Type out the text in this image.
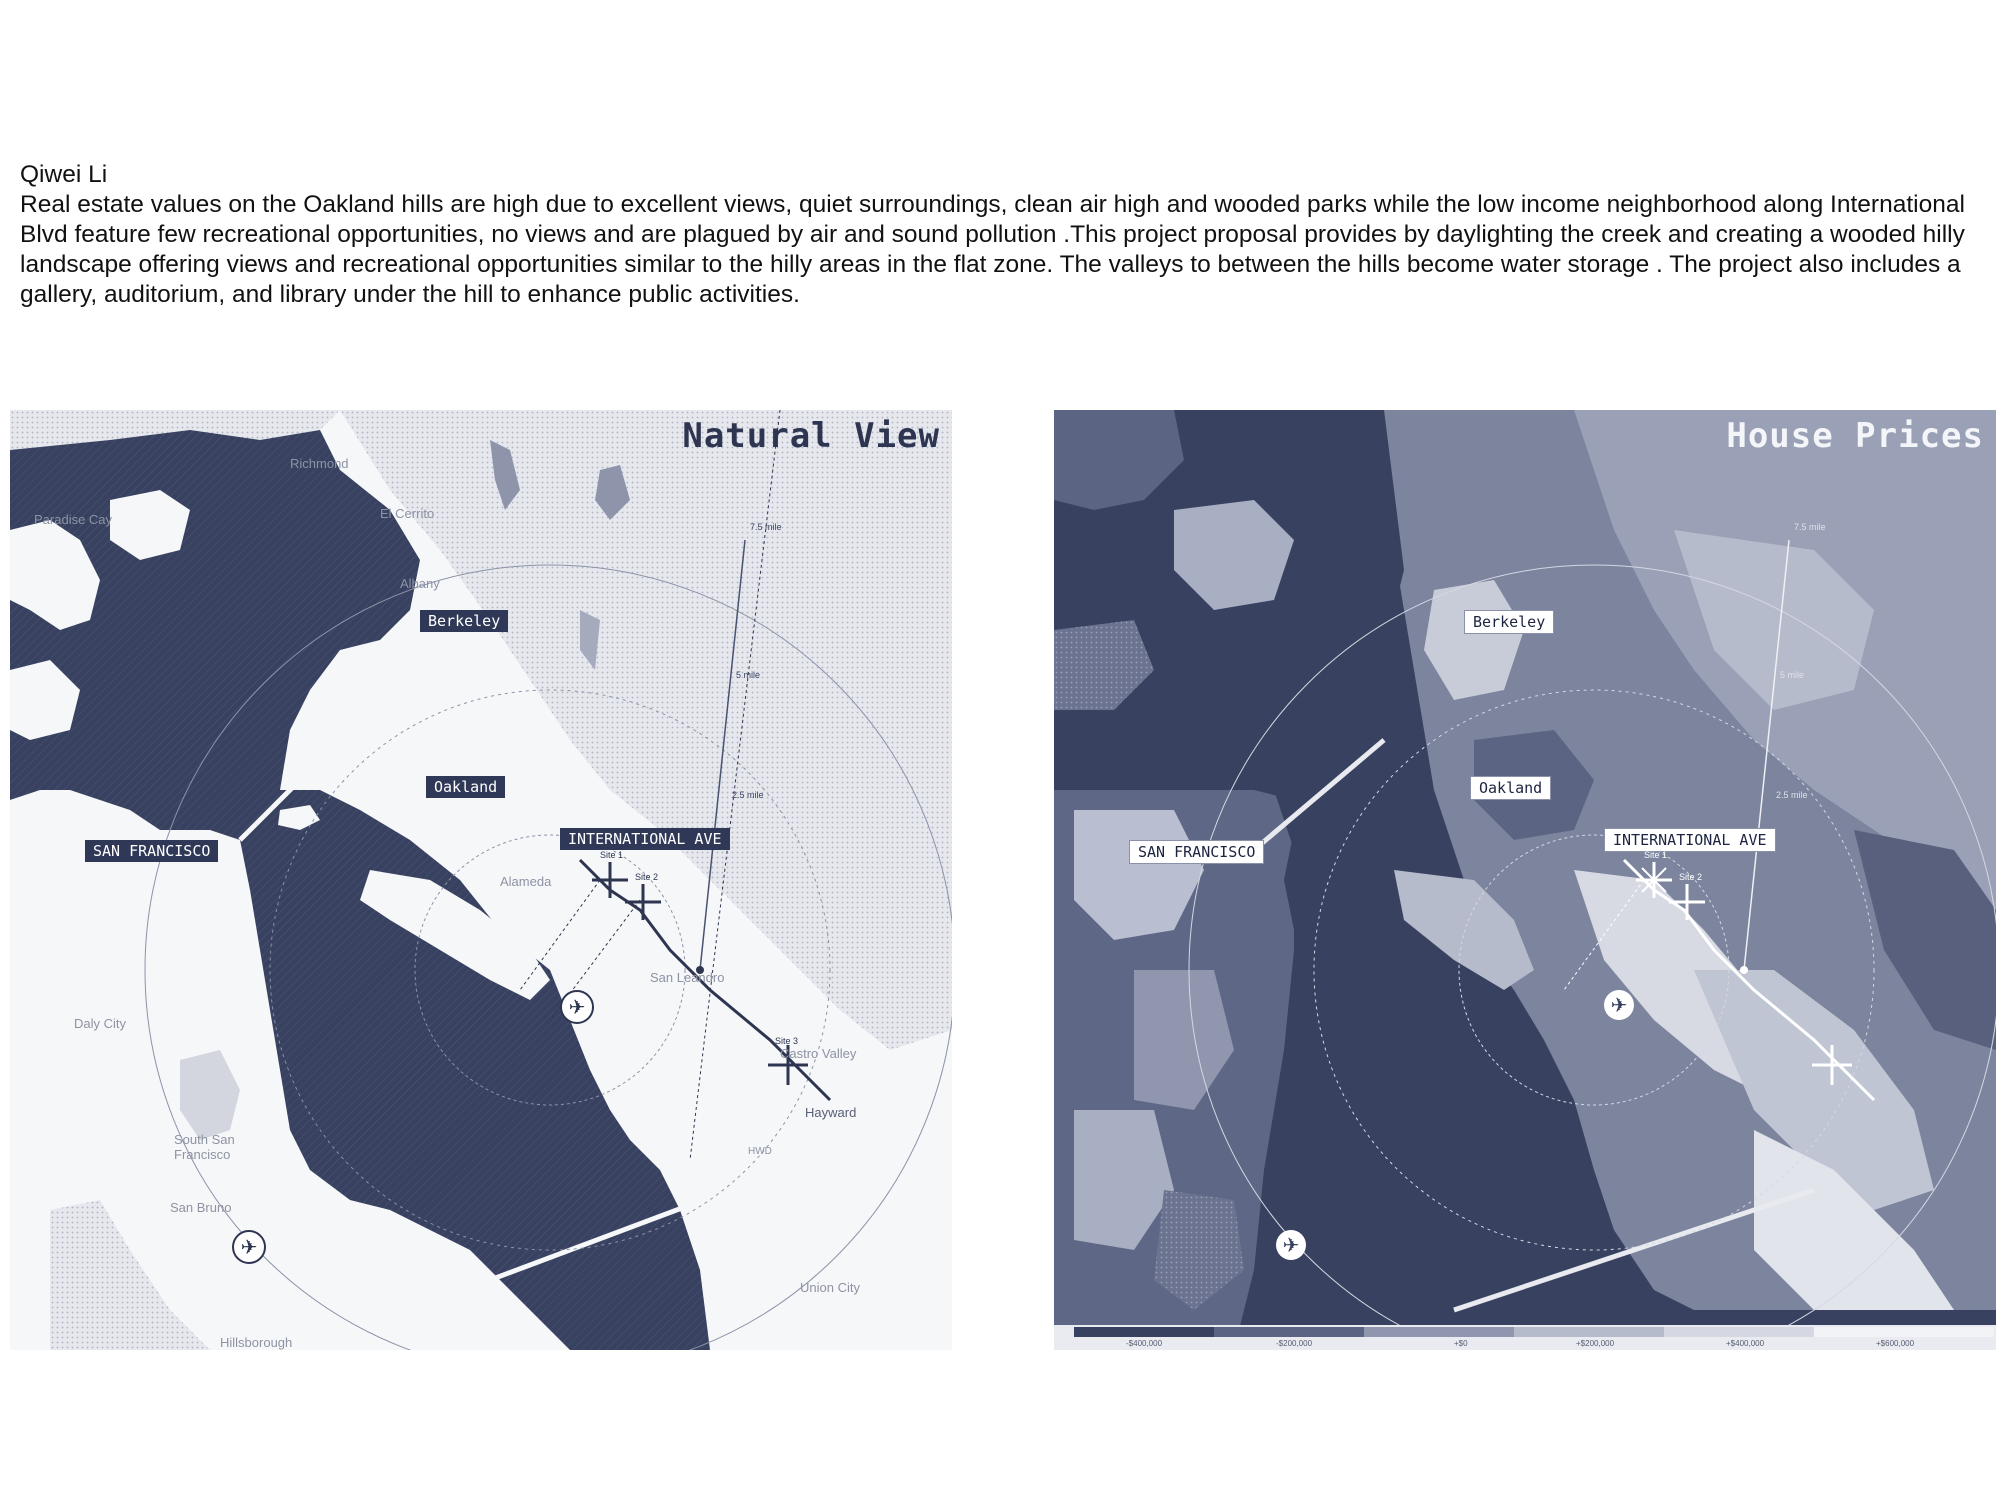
Qiwei Li
Real estate values on the Oakland hills are high due to excellent views, quiet surroundings, clean air high and wooded parks while the low income neighborhood along International Blvd feature few recreational opportunities, no views and are plagued by air and sound pollution .This project proposal provides by daylighting the creek and creating a wooded hilly landscape offering views and recreational opportunities similar to the hilly areas in the flat zone. The valleys to between the hills become water storage . The project also includes a gallery, auditorium, and library under the hill to enhance public activities.
Natural View
Berkeley
Oakland
SAN FRANCISCO
INTERNATIONAL AVE
Richmond
El Cerrito
Albany
Paradise Cay
Alameda
San Leandro
Castro Valley
Hayward
Daly City
South San Francisco
San Bruno
Union City
Hillsborough
HWD
Site 1
Site 2
Site 3
7.5 mile
5 mile
2.5 mile
✈
✈
House Prices
Berkeley
Oakland
SAN FRANCISCO
INTERNATIONAL AVE
Site 1
Site 2
7.5 mile
5 mile
2.5 mile
✈
✈
-$400,000	-$200,000	+$0	+$200,000	+$400,000	+$600,000
